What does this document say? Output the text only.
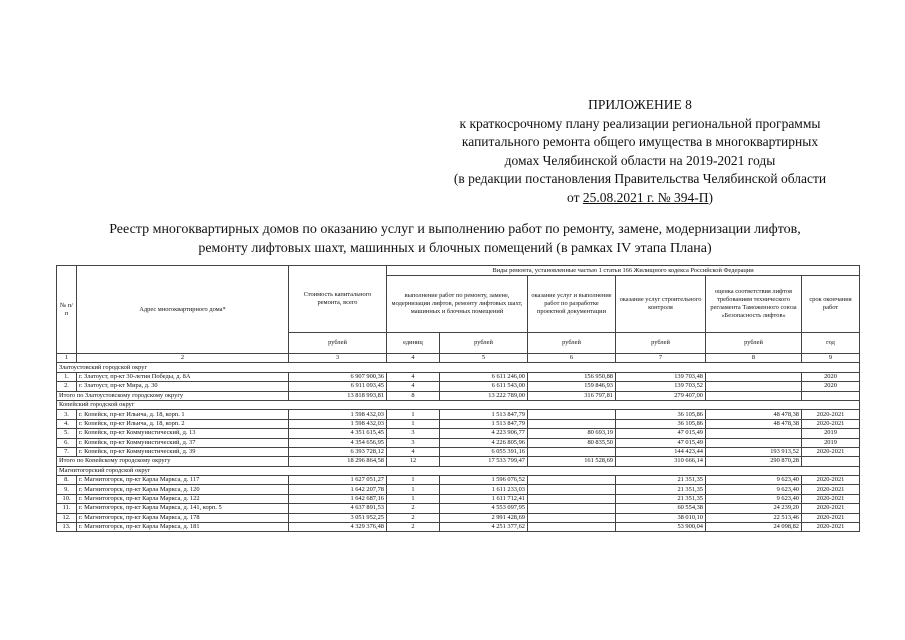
ПРИЛОЖЕНИЕ 8
к краткосрочному плану реализации региональной программы
капитального ремонта общего имущества в многоквартирных
домах Челябинской области на 2019-2021 годы
(в редакции постановления Правительства Челябинской области
от 25.08.2021 г. № 394-П)
Реестр многоквартирных домов по оказанию услуг и выполнению работ по ремонту, замене, модернизации лифтов,
ремонту лифтовых шахт, машинных и блочных помещений (в рамках IV этапа Плана)
№ п/п	Адрес многоквартирного дома*	Стоимость капитального ремонта, всего	Виды ремонта, установленные частью 1 статьи 166 Жилищного кодекса Российской Федерации					
			выполнение работ по ремонту, замене, модернизации лифтов, ремонту лифтовых шахт, машинных и блочных помещений		оказание услуг и выполнение работ по разработке проектной документации	оказание услуг строительного контроля	оценка соответствия лифтов требованиям технического регламента Таможенного союза «Безопасность лифтов»	срок окончания работ
		рублей	единиц	рублей	рублей	рублей	рублей	год
1	2	3	4	5	6	7	8	9
Златоустовский городской округ								
1.	г. Златоуст, пр-кт 30-летия Победы, д. 8А	6 907 900,36	4	6 611 246,00	156 950,88	139 703,48		2020
2.	г. Златоуст, пр-кт Мира, д. 30	6 911 093,45	4	6 611 543,00	159 846,93	139 703,52		2020
Итого по Златоустовскому городскому округу		13 818 993,81	8	13 222 789,00	316 797,81	279 407,00		
Копейский городской округ								
3.	г. Копейск, пр-кт Ильича, д. 18, корп. 1	1 598 432,03	1	1 513 847,79		36 105,86	48 478,38	2020-2021
4.	г. Копейск, пр-кт Ильича, д. 18, корп. 2	1 598 432,03	1	1 513 847,79		36 105,86	48 478,38	2020-2021
5.	г. Копейск, пр-кт Коммунистический, д. 13	4 351 615,45	3	4 223 906,77	80 693,19	47 015,49		2019
6.	г. Копейск, пр-кт Коммунистический, д. 37	4 354 656,95	3	4 226 805,96	80 835,50	47 015,49		2019
7.	г. Копейск, пр-кт Коммунистический, д. 39	6 393 728,12	4	6 055 391,16		144 423,44	193 913,52	2020-2021
Итого по Копейскому городскому округу		18 296 864,58	12	17 533 799,47	161 528,69	310 666,14	290 870,28	
Магнитогорский городской округ								
8.	г. Магнитогорск, пр-кт Карла Маркса, д. 117	1 627 051,27	1	1 596 076,52		21 351,35	9 623,40	2020-2021
9.	г. Магнитогорск, пр-кт Карла Маркса, д. 120	1 642 207,78	1	1 611 233,03		21 351,35	9 623,40	2020-2021
10.	г. Магнитогорск, пр-кт Карла Маркса, д. 122	1 642 687,16	1	1 611 712,41		21 351,35	9 623,40	2020-2021
11.	г. Магнитогорск, пр-кт Карла Маркса, д. 141, корп. 5	4 637 891,53	2	4 553 097,95		60 554,38	24 239,20	2020-2021
12.	г. Магнитогорск, пр-кт Карла Маркса, д. 178	3 051 952,25	2	2 991 428,69		38 010,10	22 513,46	2020-2021
13.	г. Магнитогорск, пр-кт Карла Маркса, д. 181	4 329 376,48	2	4 251 377,62		53 900,04	24 098,82	2020-2021
